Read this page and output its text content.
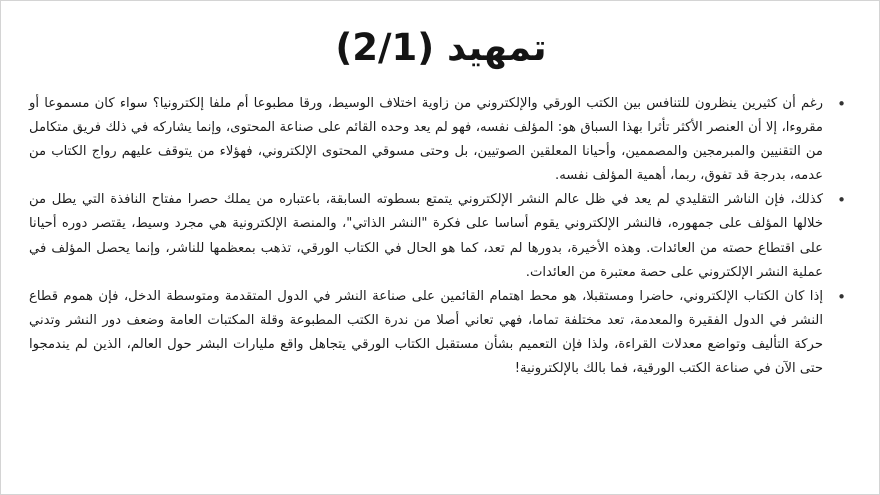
تمهيد (2/1)
• رغم أن كثيرين ينظرون للتنافس بين الكتب الورقي والإلكتروني من زاوية اختلاف الوسيط، ورقا مطبوعا أم ملفا إلكترونيا؟ سواء كان مسموعا أو مقروءا، إلا أن العنصر الأكثر تأثرا بهذا السباق هو: المؤلف نفسه، فهو لم يعد وحده القائم على صناعة المحتوى، وإنما يشاركه في ذلك فريق متكامل من التقنيين والمبرمجين والمصممين، وأحيانا المعلقين الصوتيين، بل وحتى مسوقي المحتوى الإلكتروني، فهؤلاء من يتوقف عليهم رواج الكتاب من عدمه، بدرجة قد تفوق، ربما، أهمية المؤلف نفسه.
• كذلك، فإن الناشر التقليدي لم يعد في ظل عالم النشر الإلكتروني يتمتع بسطوته السابقة، باعتباره من يملك حصرا مفتاح النافذة التي يطل من خلالها المؤلف على جمهوره، فالنشر الإلكتروني يقوم أساسا على فكرة "النشر الذاتي"، والمنصة الإلكترونية هي مجرد وسيط، يقتصر دوره أحيانا على اقتطاع حصته من العائدات. وهذه الأخيرة، بدورها لم تعد، كما هو الحال في الكتاب الورقي، تذهب بمعظمها للناشر، وإنما يحصل المؤلف في عملية النشر الإلكتروني على حصة معتبرة من العائدات.
• إذا كان الكتاب الإلكتروني، حاضرا ومستقبلا، هو محط اهتمام القائمين على صناعة النشر في الدول المتقدمة ومتوسطة الدخل، فإن هموم قطاع النشر في الدول الفقيرة والمعدمة، تعد مختلفة تماما، فهي تعاني أصلا من ندرة الكتب المطبوعة وقلة المكتبات العامة وضعف دور النشر وتدني حركة التأليف وتواضع معدلات القراءة، ولذا فإن التعميم بشأن مستقبل الكتاب الورقي يتجاهل واقع مليارات البشر حول العالم، الذين لم يندمجوا حتى الآن في صناعة الكتب الورقية، فما بالك بالإلكترونية!
